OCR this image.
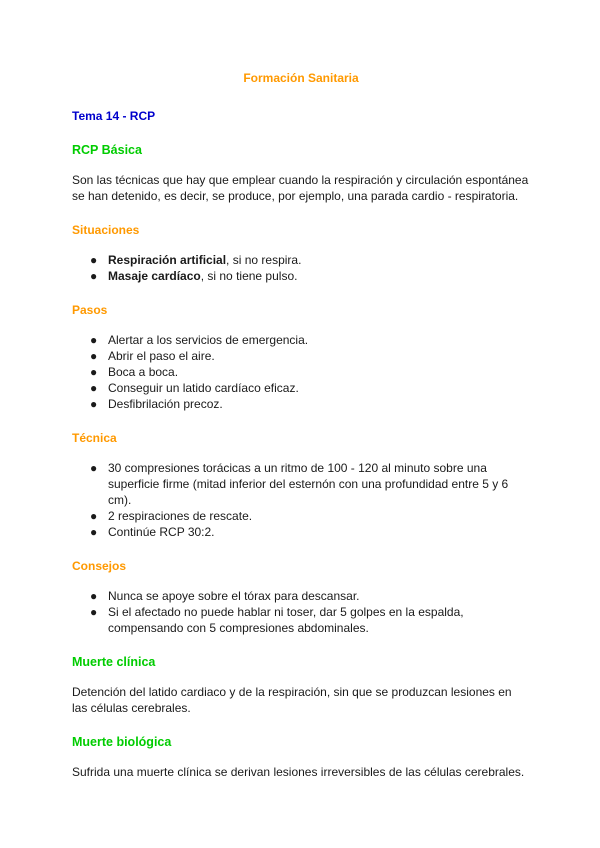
Formación Sanitaria
Tema 14 - RCP
RCP Básica

Son las técnicas que hay que emplear cuando la respiración y circulación espontánea se han detenido, es decir, se produce, por ejemplo, una parada cardio - respiratoria.

Situaciones
● Respiración artificial, si no respira.
● Masaje cardíaco, si no tiene pulso.
Pasos
● Alertar a los servicios de emergencia.
● Abrir el paso el aire.
● Boca a boca.
● Conseguir un latido cardíaco eficaz.
● Desfibrilación precoz.
Técnica
● 30 compresiones torácicas a un ritmo de 100 - 120 al minuto sobre una superficie firme (mitad inferior del esternón con una profundidad entre 5 y 6 cm).
● 2 respiraciones de rescate.
● Continúe RCP 30:2.
Consejos
● Nunca se apoye sobre el tórax para descansar.
● Si el afectado no puede hablar ni toser, dar 5 golpes en la espalda, compensando con 5 compresiones abdominales.
Muerte clínica

Detención del latido cardiaco y de la respiración, sin que se produzcan lesiones en las células cerebrales.

Muerte biológica

Sufrida una muerte clínica se derivan lesiones irreversibles de las células cerebrales.
